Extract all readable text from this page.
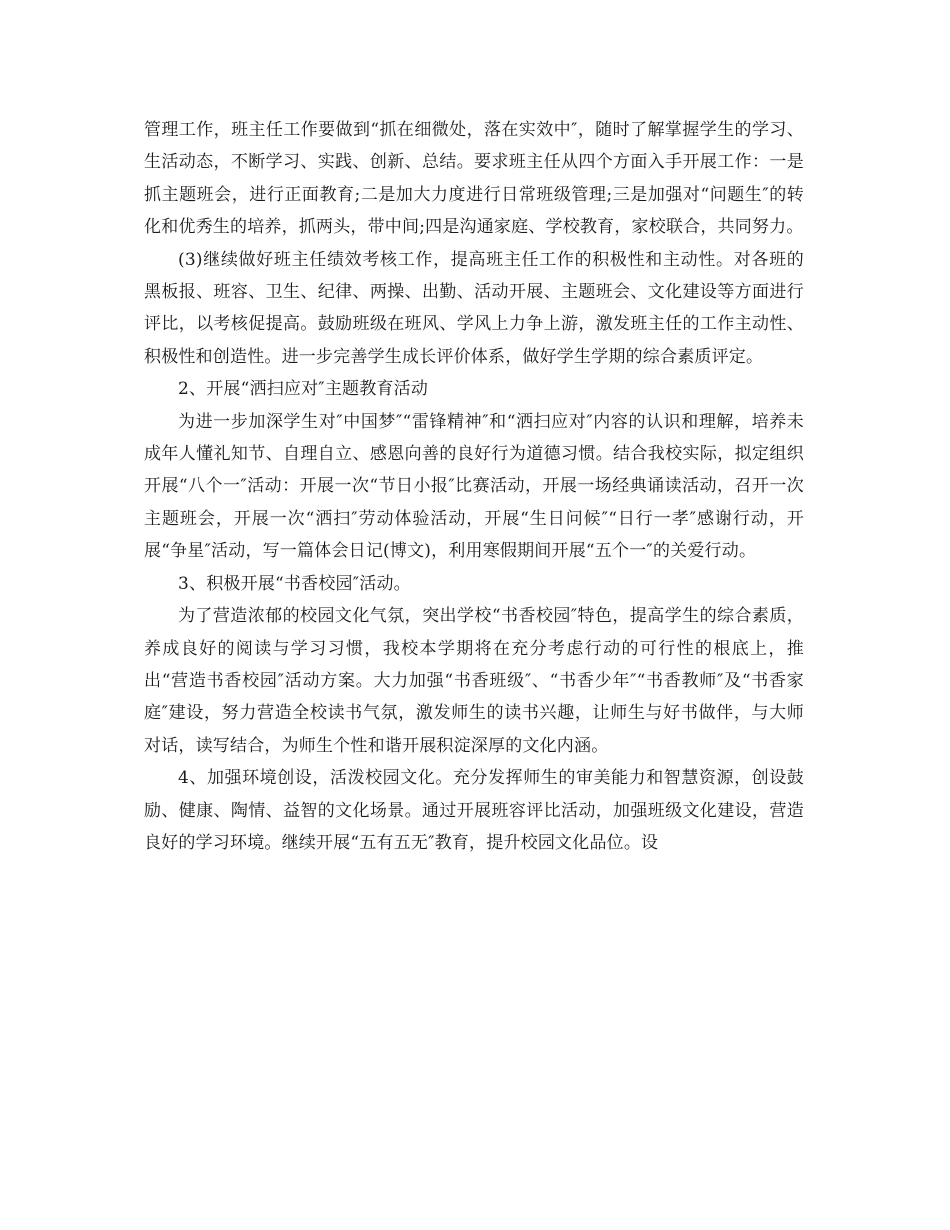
管理工作，班主任工作要做到“抓在细微处，落在实效中″，随时了解掌握学生的学习、生活动态，不断学习、实践、创新、总结。要求班主任从四个方面入手开展工作：一是抓主题班会，进行正面教育;二是加大力度进行日常班级管理;三是加强对“问题生″的转化和优秀生的培养，抓两头，带中间;四是沟通家庭、学校教育，家校联合，共同努力。

(3)继续做好班主任绩效考核工作，提高班主任工作的积极性和主动性。对各班的黑板报、班容、卫生、纪律、两操、出勤、活动开展、主题班会、文化建设等方面进行评比，以考核促提高。鼓励班级在班风、学风上力争上游，激发班主任的工作主动性、积极性和创造性。进一步完善学生成长评价体系，做好学生学期的综合素质评定。

2、开展“洒扫应对″主题教育活动

为进一步加深学生对″中国梦″“雷锋精神″和“洒扫应对″内容的认识和理解，培养未成年人懂礼知节、自理自立、感恩向善的良好行为道德习惯。结合我校实际，拟定组织开展“八个一″活动：开展一次“节日小报″比赛活动，开展一场经典诵读活动，召开一次主题班会，开展一次“洒扫″劳动体验活动，开展“生日问候″“日行一孝″感谢行动，开展“争星″活动，写一篇体会日记(博文)，利用寒假期间开展“五个一″的关爱行动。

3、积极开展“书香校园″活动。

为了营造浓郁的校园文化气氛，突出学校“书香校园″特色，提高学生的综合素质，养成良好的阅读与学习习惯，我校本学期将在充分考虑行动的可行性的根底上，推出“营造书香校园″活动方案。大力加强“书香班级″、“书香少年″“书香教师″及“书香家庭″建设，努力营造全校读书气氛，激发师生的读书兴趣，让师生与好书做伴，与大师对话，读写结合，为师生个性和谐开展积淀深厚的文化内涵。

4、加强环境创设，活泼校园文化。充分发挥师生的审美能力和智慧资源，创设鼓励、健康、陶情、益智的文化场景。通过开展班容评比活动，加强班级文化建设，营造良好的学习环境。继续开展“五有五无″教育，提升校园文化品位。设
